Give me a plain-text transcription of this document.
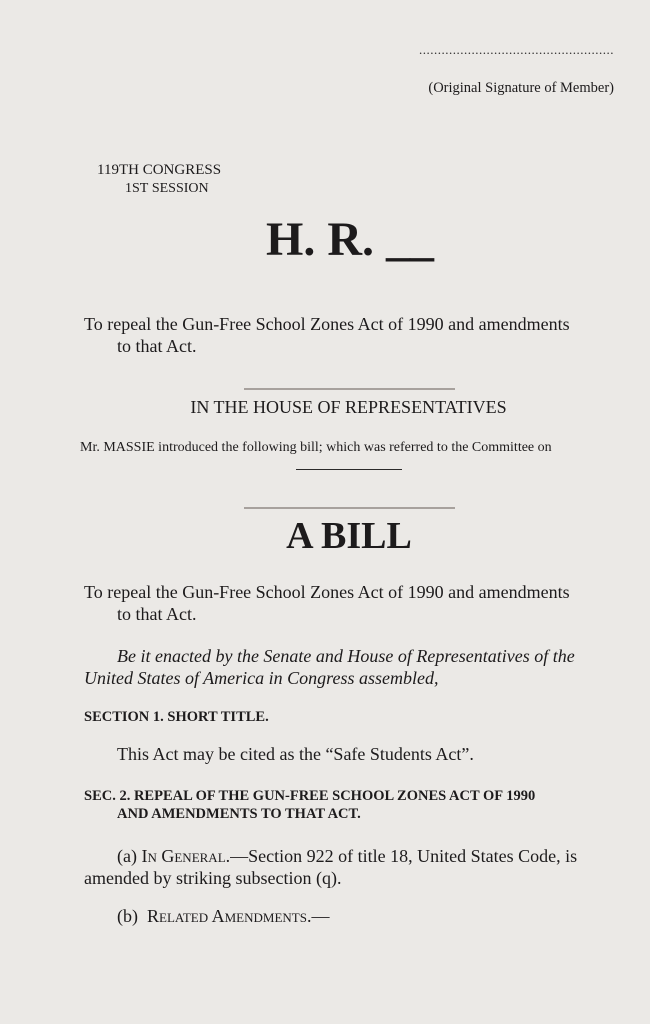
....................................................
(Original Signature of Member)
119TH CONGRESS
1ST SESSION
H. R. __
To repeal the Gun-Free School Zones Act of 1990 and amendments
to that Act.
IN THE HOUSE OF REPRESENTATIVES
Mr. MASSIE introduced the following bill; which was referred to the Committee on
A BILL
To repeal the Gun-Free School Zones Act of 1990 and amendments
to that Act.
Be it enacted by the Senate and House of Representatives of the
United States of America in Congress assembled,
SECTION 1. SHORT TITLE.
This Act may be cited as the “Safe Students Act”.
SEC. 2. REPEAL OF THE GUN-FREE SCHOOL ZONES ACT OF 1990
AND AMENDMENTS TO THAT ACT.
(a) In General.—Section 922 of title 18, United States Code, is
amended by striking subsection (q).
(b) Related Amendments.—
